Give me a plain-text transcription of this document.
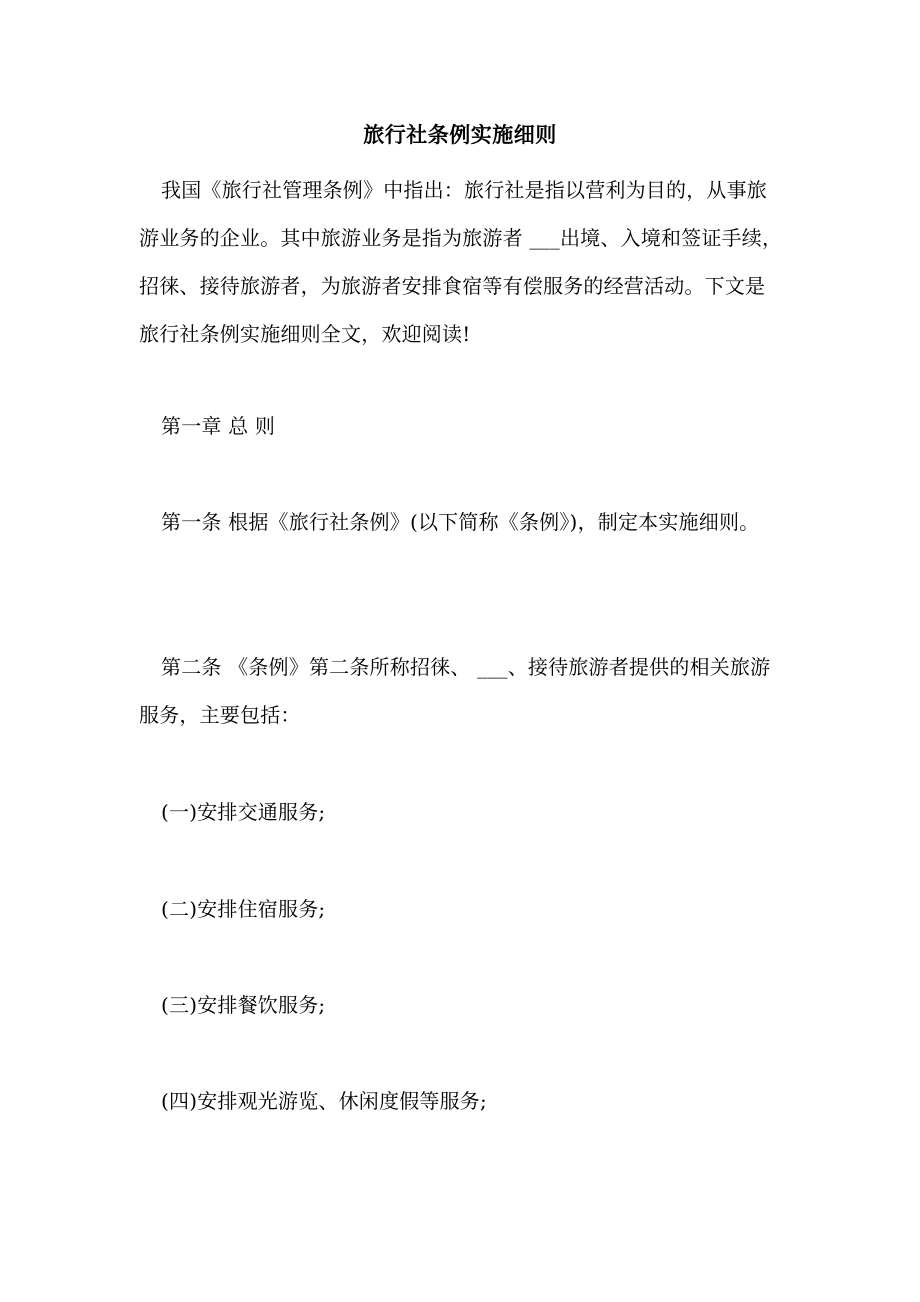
旅行社条例实施细则
我国《旅行社管理条例》中指出：旅行社是指以营利为目的，从事旅游业务的企业。其中旅游业务是指为旅游者 ___出境、入境和签证手续，招徕、接待旅游者，为旅游者安排食宿等有偿服务的经营活动。下文是旅行社条例实施细则全文，欢迎阅读!
第一章 总 则
第一条 根据《旅行社条例》(以下简称《条例》)，制定本实施细则。
第二条 《条例》第二条所称招徕、 ___、接待旅游者提供的相关旅游服务，主要包括：
(一)安排交通服务;
(二)安排住宿服务;
(三)安排餐饮服务;
(四)安排观光游览、休闲度假等服务;
